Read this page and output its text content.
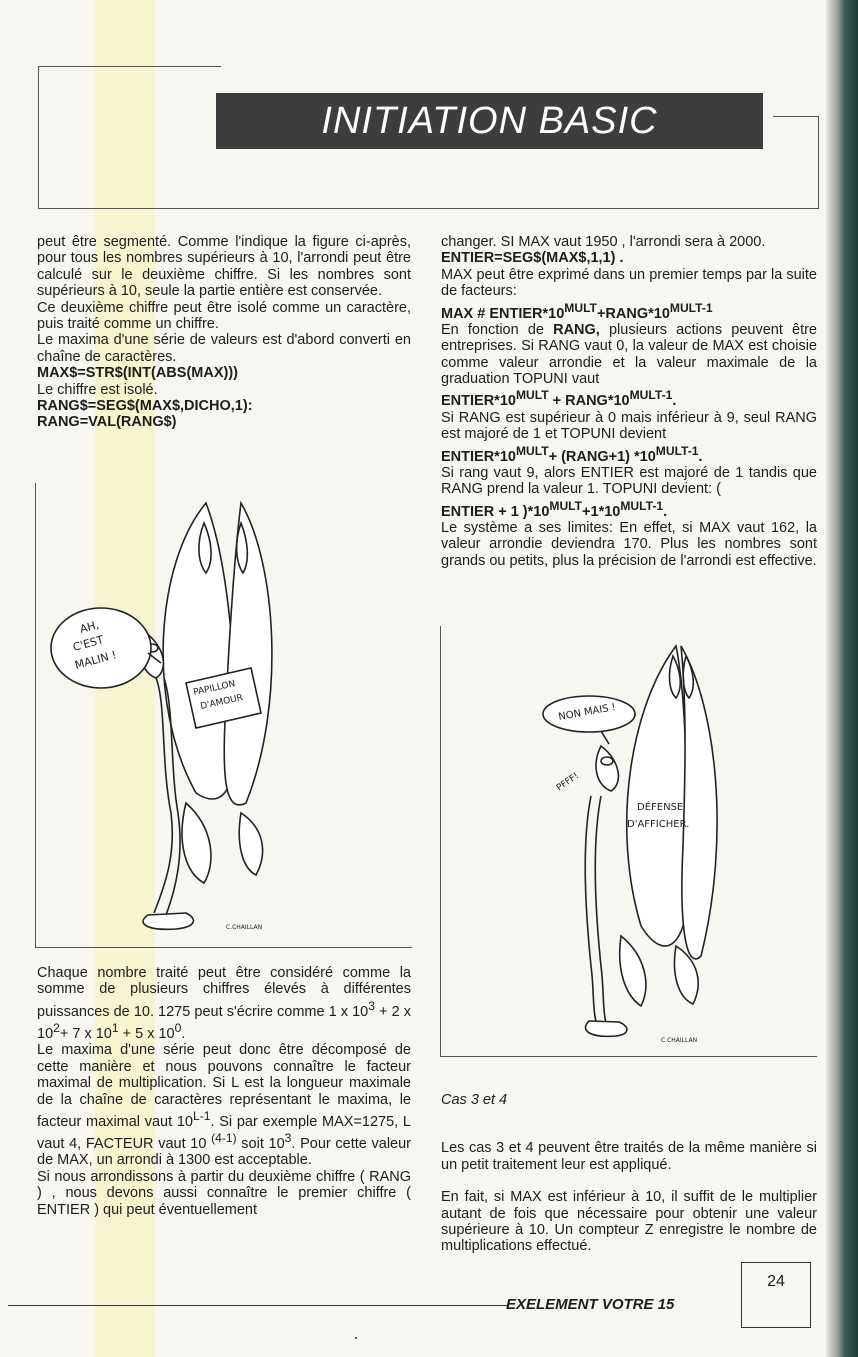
INITIATION BASIC

peut être segmenté. Comme l'indique la figure ci-après, pour tous les nombres supérieurs à 10, l'arrondi peut être calculé sur le deuxième chiffre. Si les nombres sont supérieurs à 10, seule la partie entière est conservée.

Ce deuxième chiffre peut être isolé comme un caractère, puis traité comme un chiffre.

Le maxima d'une série de valeurs est d'abord converti en chaîne de caractères.

MAX$=STR$(INT(ABS(MAX)))

Le chiffre est isolé.

RANG$=SEG$(MAX$,DICHO,1):

RANG=VAL(RANG$)

AH,
C'EST
MALIN !
PAPILLON
D'AMOUR
C.CHAILLAN

Chaque nombre traité peut être considéré comme la somme de plusieurs chiffres élevés à différentes puissances de 10. 1275 peut s'écrire comme 1 x $10^3 + 2$ x $10^2+ 7$ x $10^1 + 5$ x $10^0$.

Le maxima d'une série peut donc être décomposé de cette manière et nous pouvons connaître le facteur maximal de multiplication. Si L est la longueur maximale de la chaîne de caractères représentant le maxima, le facteur maximal vaut $10^{L-1}$. Si par exemple MAX=1275, L vaut 4, FACTEUR vaut 10 $^{(4-1)}$ soit $10^3$. Pour cette valeur de MAX, un arrondi à 1300 est acceptable.

Si nous arrondissons à partir du deuxième chiffre ( RANG ) , nous devons aussi connaître le premier chiffre ( ENTIER ) qui peut éventuellement

changer. SI MAX vaut 1950 , l'arrondi sera à 2000.

ENTIER=SEG$(MAX$,1,1) .

MAX peut être exprimé dans un premier temps par la suite de facteurs:

MAX # $ENTIER*10^{MULT}+RANG*10^{MULT-1}$

En fonction de RANG, plusieurs actions peuvent être entreprises. Si RANG vaut 0, la valeur de MAX est choisie comme valeur arrondie et la valeur maximale de la graduation TOPUNI vaut

$ENTIER*10^{MULT}$ + $RANG*10^{MULT-1}$.

Si RANG est supérieur à 0 mais inférieur à 9, seul RANG est majoré de 1 et TOPUNI devient

$ENTIER*10^{MULT}+$ (RANG+1) $*10^{MULT-1}$.

Si rang vaut 9, alors ENTIER est majoré de 1 tandis que RANG prend la valeur 1. TOPUNI devient: (

ENTIER + 1 )$*10^{MULT}+1*10^{MULT-1}$.

Le système a ses limites: En effet, si MAX vaut 162, la valeur arrondie deviendra 170. Plus les nombres sont grands ou petits, plus la précision de l'arrondi est effective.

NON MAIS !
PFFF!
DÉFENSE
D'AFFICHER.
C.CHAILLAN

Cas 3 et 4

Les cas 3 et 4 peuvent être traités de la même manière si un petit traitement leur est appliqué.

En fait, si MAX est inférieur à 10, il suffit de le multiplier autant de fois que nécessaire pour obtenir une valeur supérieure à 10. Un compteur Z enregistre le nombre de multiplications effectué.

EXELEMENT VOTRE 15
24
